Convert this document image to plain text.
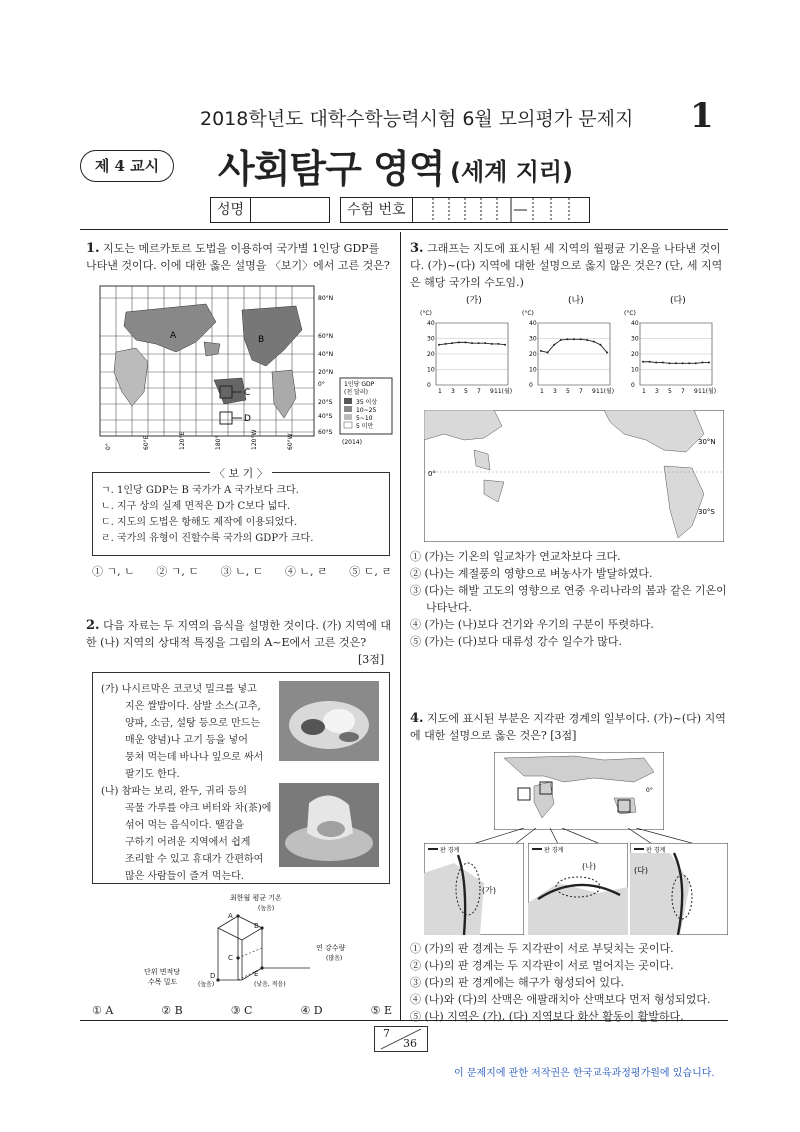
2018학년도 대학수학능력시험 6월 모의평가 문제지 1
제 4 교시	사회탐구 영역 (세계 지리)
성명	수험 번호
1. 지도는 메르카토르 도법을 이용하여 국가별 1인당 GDP를 나타낸 것이다. 이에 대한 옳은 설명을 〈보기〉에서 고른 것은?
A	B
C
D
80°N
60°N
40°N
20°N
0°
20°S
40°S
60°S
0°	60°E	120°E	180°	120°W	60°W
1인당 GDP
(천 달러)
35 이상
10~25
5~10
5 미만
(2014)
〈 보 기 〉
ㄱ. 1인당 GDP는 B 국가가 A 국가보다 크다.
ㄴ. 지구 상의 실제 면적은 D가 C보다 넓다.
ㄷ. 지도의 도법은 항해도 제작에 이용되었다.
ㄹ. 국가의 유형이 진할수록 국가의 GDP가 크다.
① ㄱ, ㄴ ② ㄱ, ㄷ ③ ㄴ, ㄷ ④ ㄴ, ㄹ ⑤ ㄷ, ㄹ
2. 다음 자료는 두 지역의 음식을 설명한 것이다. (가) 지역에 대한 (나) 지역의 상대적 특징을 그림의 A~E에서 고른 것은?
[3점]
(가) 나시르막은 코코넛 밀크를 넣고
지은 쌀밥이다. 삼발 소스(고추,
양파, 소금, 설탕 등으로 만드는
매운 양념)나 고기 등을 넣어
뭉쳐 먹는데 바나나 잎으로 싸서
팔기도 한다.
(나) 참파는 보리, 완두, 귀리 등의
곡물 가루를 야크 버터와 차(茶)에
섞어 먹는 음식이다. 땔감을
구하기 어려운 지역에서 쉽게
조리할 수 있고 휴대가 간편하여
많은 사람들이 즐겨 먹는다.
최한월 평균 기온
(높음)
A
B
C
D	E
연 강수량
(많음)
단위 면적당
수목 밀도	(높음)	(낮음, 적음)
① A	② B	③ C	④ D	⑤ E
3. 그래프는 지도에 표시된 세 지역의 월평균 기온을 나타낸 것이다. (가)~(다) 지역에 대한 설명으로 옳지 않은 것은? (단, 세 지역은 해당 국가의 수도임.)
(가)
(°C)
40
30
20
10
0
1 3 5 7 9 11(월)
(나)
(°C)
40
30
20
10
0
1 3 5 7 9 11(월)
(다)
(°C)
40
30
20
10
0
1 3 5 7 9 11(월)
0°
30°N
30°S
① (가)는 기온의 일교차가 연교차보다 크다.
② (나)는 계절풍의 영향으로 벼농사가 발달하였다.
③ (다)는 해발 고도의 영향으로 연중 우리나라의 봄과 같은 기온이
나타난다.
④ (가)는 (나)보다 건기와 우기의 구분이 뚜렷하다.
⑤ (가)는 (다)보다 대류성 강수 일수가 많다.
4. 지도에 표시된 부분은 지각판 경계의 일부이다. (가)~(다) 지역에 대한 설명으로 옳은 것은? [3점]
0°
판 경계
(가)
판 경계
(나)
판 경계
(다)
① (가)의 판 경계는 두 지각판이 서로 부딪치는 곳이다.
② (나)의 판 경계는 두 지각판이 서로 멀어지는 곳이다.
③ (다)의 판 경계에는 해구가 형성되어 있다.
④ (나)와 (다)의 산맥은 애팔래치아 산맥보다 먼저 형성되었다.
⑤ (나) 지역은 (가), (다) 지역보다 화산 활동이 활발하다.
7
36
이 문제지에 관한 저작권은 한국교육과정평가원에 있습니다.
